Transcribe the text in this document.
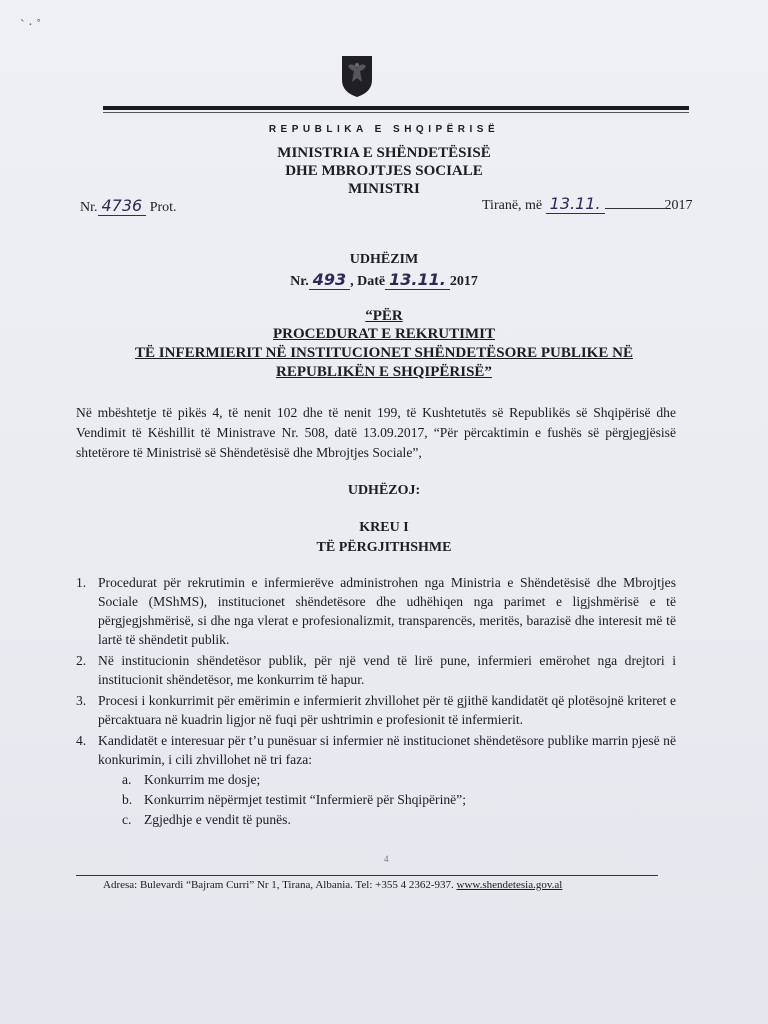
` · ˚
REPUBLIKA E SHQIPËRISË
MINISTRIA E SHËNDETËSISË
DHE MBROJTJES SOCIALE
MINISTRI
Nr. 4736 Prot.	Tiranë, më 13.11.	2017
UDHËZIM
Nr. 493 , Datë 13.11. 2017
“PËR
PROCEDURAT E REKRUTIMIT
TË INFERMIERIT NË INSTITUCIONET SHËNDETËSORE PUBLIKE NË
REPUBLIKËN E SHQIPËRISË”
Në mbështetje të pikës 4, të nenit 102 dhe të nenit 199, të Kushtetutës së Republikës së Shqipërisë dhe Vendimit të Këshillit të Ministrave Nr. 508, datë 13.09.2017, “Për përcaktimin e fushës së përgjegjësisë shtetërore të Ministrisë së Shëndetësisë dhe Mbrojtjes Sociale”,
UDHËZOJ:
KREU I
TË PËRGJITHSHME
1. Procedurat për rekrutimin e infermierëve administrohen nga Ministria e Shëndetësisë dhe Mbrojtjes Sociale (MShMS), institucionet shëndetësore dhe udhëhiqen nga parimet e ligjshmërisë e të përgjegjshmërisë, si dhe nga vlerat e profesionalizmit, transparencës, meritës, barazisë dhe interesit më të lartë të shëndetit publik.
2. Në institucionin shëndetësor publik, për një vend të lirë pune, infermieri emërohet nga drejtori i institucionit shëndetësor, me konkurrim të hapur.
3. Procesi i konkurrimit për emërimin e infermierit zhvillohet për të gjithë kandidatët që plotësojnë kriteret e përcaktuara në kuadrin ligjor në fuqi për ushtrimin e profesionit të infermierit.
4. Kandidatët e interesuar për t’u punësuar si infermier në institucionet shëndetësore publike marrin pjesë në konkurimin, i cili zhvillohet në tri faza:
a. Konkurrim me dosje;
b. Konkurrim nëpërmjet testimit “Infermierë për Shqipërinë”;
c. Zgjedhje e vendit të punës.
4
Adresa: Bulevardi “Bajram Curri” Nr 1, Tirana, Albania. Tel: +355 4 2362-937. www.shendetesia.gov.al
